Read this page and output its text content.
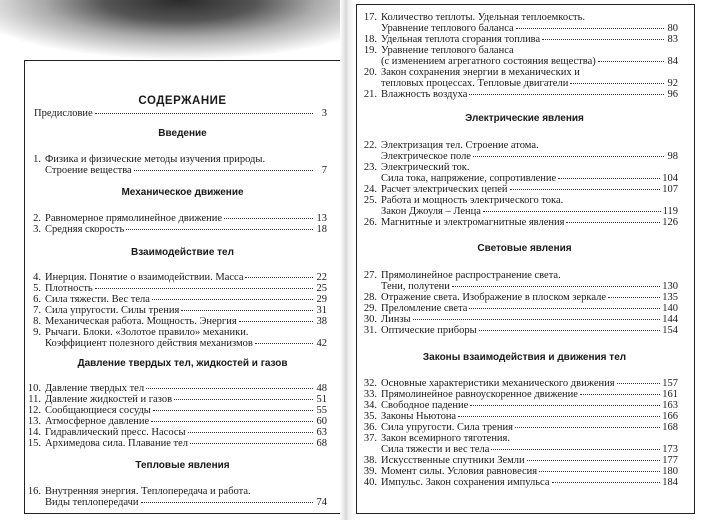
СОДЕРЖАНИЕ
Предисловие	3
Введение
1. Физика и физические методы изучения природы.
Строение вещества	7
Механическое движение
2. Равномерное прямолинейное движение	13
3. Средняя скорость	18
Взаимодействие тел
4. Инерция. Понятие о взаимодействии. Масса	22
5. Плотность	25
6. Сила тяжести. Вес тела	29
7. Сила упругости. Силы трения	31
8. Механическая работа. Мощность. Энергия	38
9. Рычаги. Блоки. «Золотое правило» механики.
Коэффициент полезного действия механизмов	42
Давление твердых тел, жидкостей и газов
10. Давление твердых тел	48
11. Давление жидкостей и газов	51
12. Сообщающиеся сосуды	55
13. Атмосферное давление	60
14. Гидравлический пресс. Насосы	63
15. Архимедова сила. Плавание тел	68
Тепловые явления
16. Внутренняя энергия. Теплопередача и работа.
Виды теплопередачи	74
17. Количество теплоты. Удельная теплоемкость.
Уравнение теплового баланса	80
18. Удельная теплота сгорания топлива	83
19. Уравнение теплового баланса
(с изменением агрегатного состояния вещества)	84
20. Закон сохранения энергии в механических и
тепловых процессах. Тепловые двигатели	92
21. Влажность воздуха	96
Электрические явления
22. Электризация тел. Строение атома.
Электрическое поле	98
23. Электрический ток.
Сила тока, напряжение, сопротивление	104
24. Расчет электрических цепей	107
25. Работа и мощность электрического тока.
Закон Джоуля – Ленца	119
26. Магнитные и электромагнитные явления	126
Световые явления
27. Прямолинейное распространение света.
Тени, полутени	130
28. Отражение света. Изображение в плоском зеркале	135
29. Преломление света	140
30. Линзы	144
31. Оптические приборы	154
Законы взаимодействия и движения тел
32. Основные характеристики механического движения	157
33. Прямолинейное равноускоренное движение	161
34. Свободное падение	163
35. Законы Ньютона	166
36. Сила упругости. Сила трения	168
37. Закон всемирного тяготения.
Сила тяжести и вес тела	173
38. Искусственные спутники Земли	177
39. Момент силы. Условия равновесия	180
40. Импульс. Закон сохранения импульса	184
